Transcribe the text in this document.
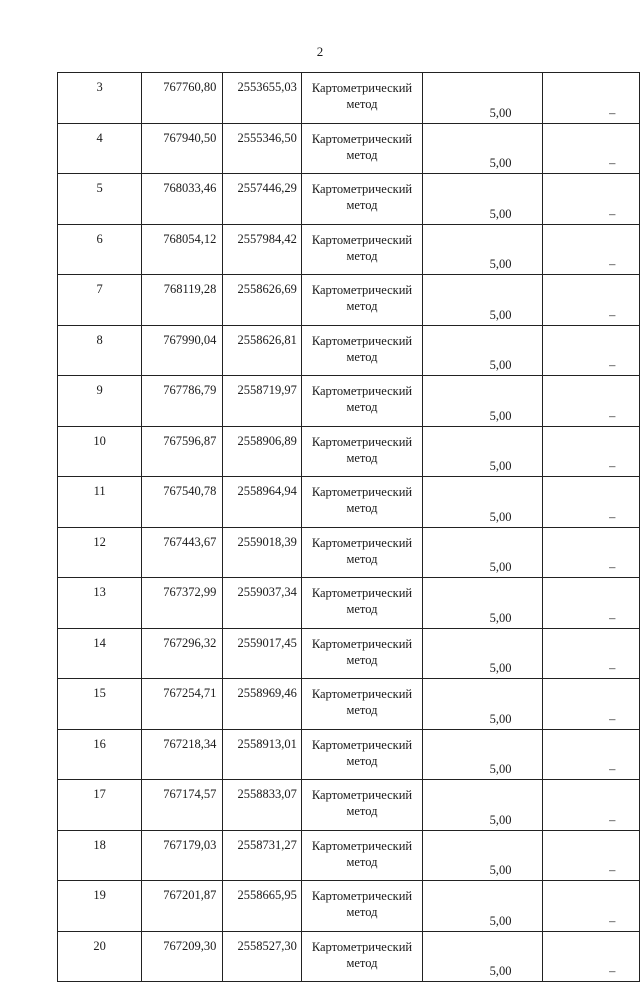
2
3	767760,80	2553655,03	Картометрический
метод	5,00	–
4	767940,50	2555346,50	Картометрический
метод	5,00	–
5	768033,46	2557446,29	Картометрический
метод	5,00	–
6	768054,12	2557984,42	Картометрический
метод	5,00	–
7	768119,28	2558626,69	Картометрический
метод	5,00	–
8	767990,04	2558626,81	Картометрический
метод	5,00	–
9	767786,79	2558719,97	Картометрический
метод	5,00	–
10	767596,87	2558906,89	Картометрический
метод	5,00	–
11	767540,78	2558964,94	Картометрический
метод	5,00	–
12	767443,67	2559018,39	Картометрический
метод	5,00	–
13	767372,99	2559037,34	Картометрический
метод	5,00	–
14	767296,32	2559017,45	Картометрический
метод	5,00	–
15	767254,71	2558969,46	Картометрический
метод	5,00	–
16	767218,34	2558913,01	Картометрический
метод	5,00	–
17	767174,57	2558833,07	Картометрический
метод	5,00	–
18	767179,03	2558731,27	Картометрический
метод	5,00	–
19	767201,87	2558665,95	Картометрический
метод	5,00	–
20	767209,30	2558527,30	Картометрический
метод	5,00	–
